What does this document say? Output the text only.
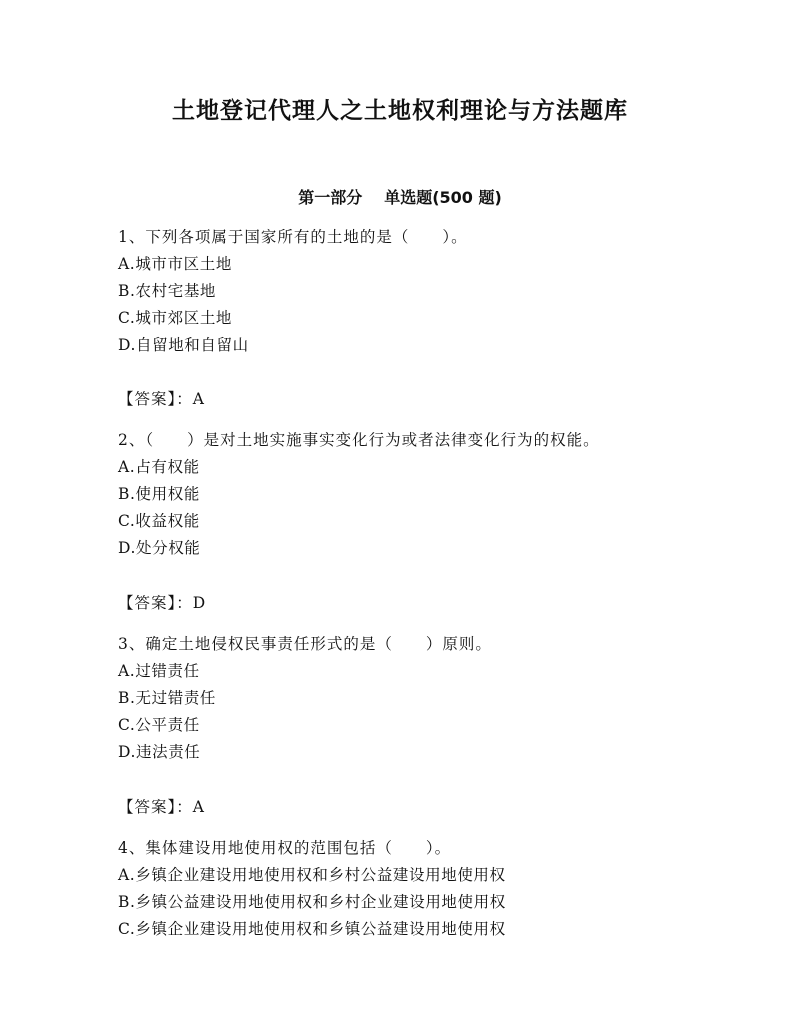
土地登记代理人之土地权利理论与方法题库
第一部分 单选题(500 题)
1、下列各项属于国家所有的土地的是（　　）。
A.城市市区土地
B.农村宅基地
C.城市郊区土地
D.自留地和自留山
【答案】：A
2、（　　）是对土地实施事实变化行为或者法律变化行为的权能。
A.占有权能
B.使用权能
C.收益权能
D.处分权能
【答案】：D
3、确定土地侵权民事责任形式的是（　　）原则。
A.过错责任
B.无过错责任
C.公平责任
D.违法责任
【答案】：A
4、集体建设用地使用权的范围包括（　　）。
A.乡镇企业建设用地使用权和乡村公益建设用地使用权
B.乡镇公益建设用地使用权和乡村企业建设用地使用权
C.乡镇企业建设用地使用权和乡镇公益建设用地使用权
